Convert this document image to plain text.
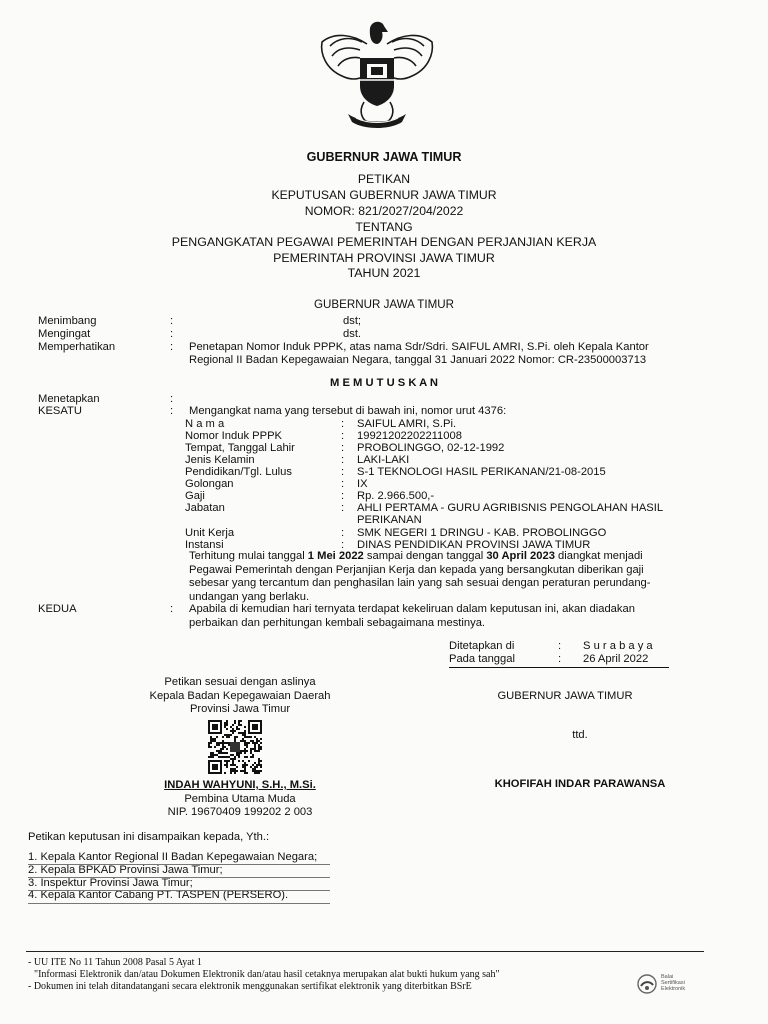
GUBERNUR JAWA TIMUR
PETIKAN
KEPUTUSAN GUBERNUR JAWA TIMUR
NOMOR: 821/2027/204/2022
TENTANG
PENGANGKATAN PEGAWAI PEMERINTAH DENGAN PERJANJIAN KERJA
PEMERINTAH PROVINSI JAWA TIMUR
TAHUN 2021
GUBERNUR JAWA TIMUR
Menimbang	:	dst;
Mengingat	:	dst.
Memperhatikan	: Penetapan Nomor Induk PPPK, atas nama Sdr/Sdri. SAIFUL AMRI, S.Pi. oleh Kepala Kantor
Regional II Badan Kepegawaian Negara, tanggal 31 Januari 2022 Nomor: CR-23500003713
M E M U T U S K A N
Menetapkan	:
KESATU	: Mengangkat nama yang tersebut di bawah ini, nomor urut 4376:
N a m a	: SAIFUL AMRI, S.Pi.
Nomor Induk PPPK	: 19921202202211008
Tempat, Tanggal Lahir	: PROBOLINGGO, 02-12-1992
Jenis Kelamin	: LAKI-LAKI
Pendidikan/Tgl. Lulus	: S-1 TEKNOLOGI HASIL PERIKANAN/21-08-2015
Golongan	: IX
Gaji	: Rp. 2.966.500,-
Jabatan	: AHLI PERTAMA - GURU AGRIBISNIS PENGOLAHAN HASIL
PERIKANAN
Unit Kerja	: SMK NEGERI 1 DRINGU - KAB. PROBOLINGGO
Instansi	: DINAS PENDIDIKAN PROVINSI JAWA TIMUR
Terhitung mulai tanggal 1 Mei 2022 sampai dengan tanggal 30 April 2023 diangkat menjadi
Pegawai Pemerintah dengan Perjanjian Kerja dan kepada yang bersangkutan diberikan gaji
sebesar yang tercantum dan penghasilan lain yang sah sesuai dengan peraturan perundang-
undangan yang berlaku.
KEDUA	: Apabila di kemudian hari ternyata terdapat kekeliruan dalam keputusan ini, akan diadakan
perbaikan dan perhitungan kembali sebagaimana mestinya.
Ditetapkan di	: S u r a b a y a
Pada tanggal	: 26 April 2022
Petikan sesuai dengan aslinya
Kepala Badan Kepegawaian Daerah
Provinsi Jawa Timur
INDAH WAHYUNI, S.H., M.Si.
Pembina Utama Muda
NIP. 19670409 199202 2 003
GUBERNUR JAWA TIMUR
ttd.
KHOFIFAH INDAR PARAWANSA
Petikan keputusan ini disampaikan kepada, Yth.:
1. Kepala Kantor Regional II Badan Kepegawaian Negara;
2. Kepala BPKAD Provinsi Jawa Timur;
3. Inspektur Provinsi Jawa Timur;
4. Kepala Kantor Cabang PT. TASPEN (PERSERO).
- UU ITE No 11 Tahun 2008 Pasal 5 Ayat 1
"Informasi Elektronik dan/atau Dokumen Elektronik dan/atau hasil cetaknya merupakan alat bukti hukum yang sah"
- Dokumen ini telah ditandatangani secara elektronik menggunakan sertifikat elektronik yang diterbitkan BSrE
Balai
Sertifikasi
Elektronik
